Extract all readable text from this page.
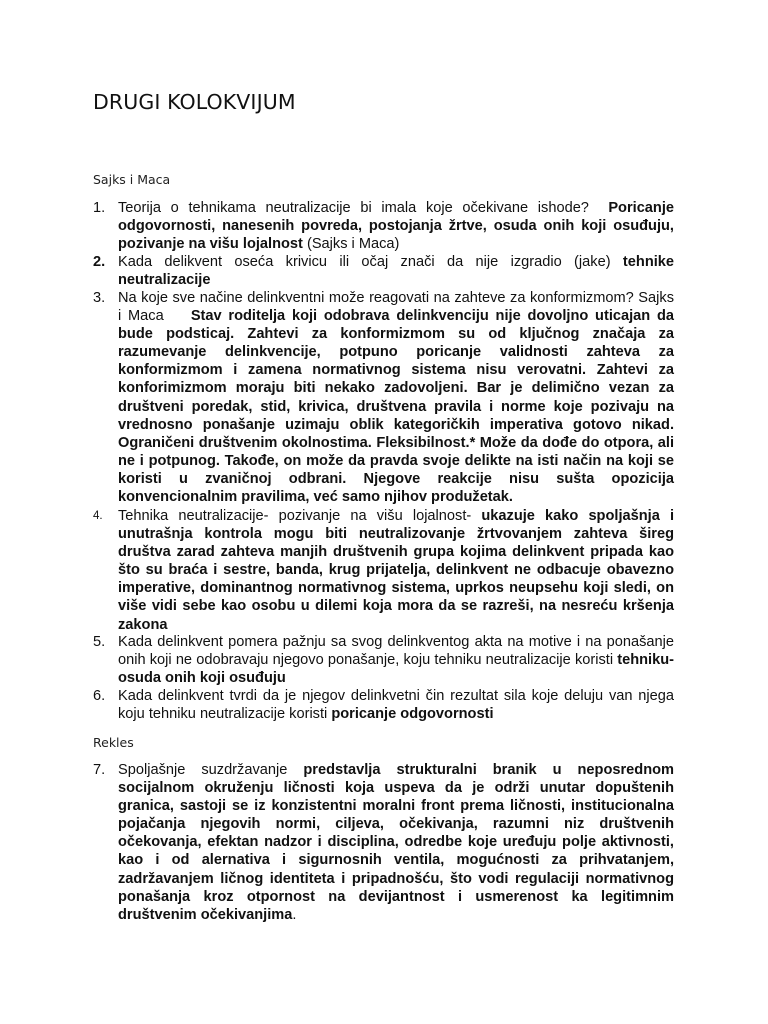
DRUGI KOLOKVIJUM
Sajks i Maca
1. Teorija o tehnikama neutralizacije bi imala koje očekivane ishode? Poricanje odgovornosti, nanesenih povreda, postojanja žrtve, osuda onih koji osuđuju, pozivanje na višu lojalnost (Sajks i Maca)
2. Kada delikvent oseća krivicu ili očaj znači da nije izgradio (jake) tehnike neutralizacije
3. Na koje sve načine delinkventni može reagovati na zahteve za konformizmom? Sajks i Maca Stav roditelja koji odobrava delinkvenciju nije dovoljno uticajan da bude podsticaj. Zahtevi za konformizmom su od ključnog značaja za razumevanje delinkvencije, potpuno poricanje validnosti zahteva za konformizmom i zamena normativnog sistema nisu verovatni. Zahtevi za konforimizmom moraju biti nekako zadovoljeni. Bar je delimično vezan za društveni poredak, stid, krivica, društvena pravila i norme koje pozivaju na vrednosno ponašanje uzimaju oblik kategoričkih imperativa gotovo nikad. Ograničeni društvenim okolnostima. Fleksibilnost.* Može da dođe do otpora, ali ne i potpunog. Takođe, on može da pravda svoje delikte na isti način na koji se koristi u zvaničnoj odbrani. Njegove reakcije nisu sušta opozicija konvencionalnim pravilima, već samo njihov produžetak.
4.	Tehnika neutralizacije- pozivanje na višu lojalnost- ukazuje kako spoljašnja i unutrašnja kontrola mogu biti neutralizovanje žrtvovanjem zahteva šireg društva zarad zahteva manjih društvenih grupa kojima delinkvent pripada kao što su braća i sestre, banda, krug prijatelja, delinkvent ne odbacuje obavezno imperative, dominantnog normativnog sistema, uprkos neupsehu koji sledi, on više vidi sebe kao osobu u dilemi koja mora da se razreši, na nesreću kršenja zakona
5. Kada delinkvent pomera pažnju sa svog delinkventog akta na motive i na ponašanje onih koji ne odobravaju njegovo ponašanje, koju tehniku neutralizacije koristi tehniku- osuda onih koji osuđuju
6. Kada delinkvent tvrdi da je njegov delinkvetni čin rezultat sila koje deluju van njega koju tehniku neutralizacije koristi poricanje odgovornosti
Rekles
7. Spoljašnje suzdržavanje predstavlja strukturalni branik u neposrednom socijalnom okruženju ličnosti koja uspeva da je održi unutar dopuštenih granica, sastoji se iz konzistentni moralni front prema ličnosti, institucionalna pojačanja njegovih normi, ciljeva, očekivanja, razumni niz društvenih očekovanja, efektan nadzor i disciplina, odredbe koje uređuju polje aktivnosti, kao i od alernativa i sigurnosnih ventila, mogućnosti za prihvatanjem, zadržavanjem ličnog identiteta i pripadnošću, što vodi regulaciji normativnog ponašanja kroz otpornost na devijantnost i usmerenost ka legitimnim društvenim očekivanjima.
